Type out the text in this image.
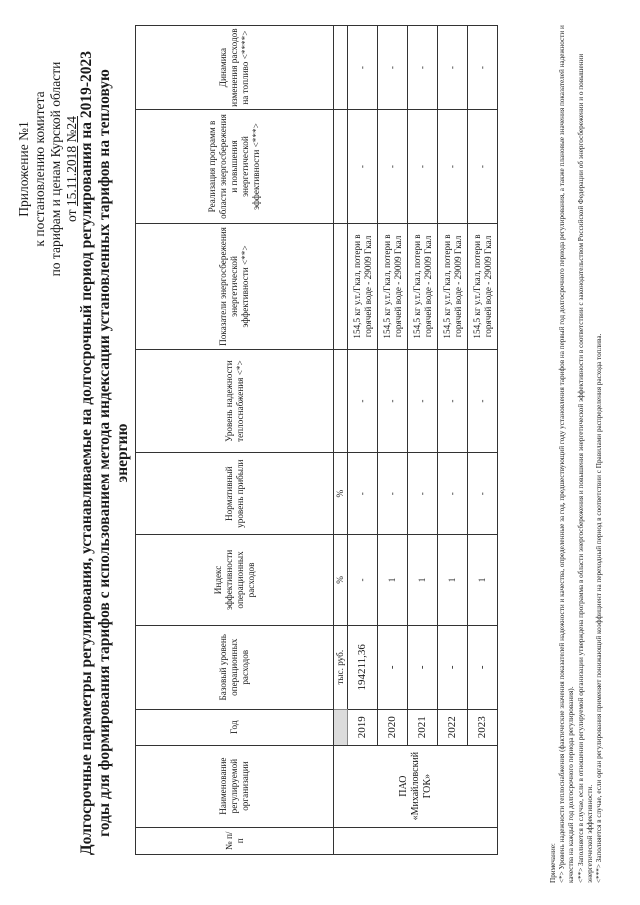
Приложение №1 к постановлению комитета по тарифам и ценам Курской области от 15.11.2018 №24 Долгосрочные параметры регулирования, устанавливаемые на долгосрочный период регулирования на 2019-2023 годы для формирования тарифов с использованием метода индексации установленных тарифов на тепловую энергию
№ п/п	Наименование регулируемой организации	Год	Базовый уровень операционных расходов	Индекс эффективности операционных расходов	Нормативный уровень прибыли	Уровень надежности теплоснабжения <*>	Показатели энергосбережения энергетической эффективности <**>	Реализация программ в области энергосбережения и повышения энергетической эффективности <***>	Динамика изменения расходов на топливо <****>
	ПАО «Михайловский ГОК»		тыс. руб.	%	%				
		2019	194211,36	-	-	-	154,5 кг у.т./Гкал, потери в горячей воде - 29009 Гкал	-	-
		2020	-	1	-	-	154,5 кг у.т./Гкал, потери в горячей воде - 29009 Гкал	-	-
		2021	-	1	-	-	154,5 кг у.т./Гкал, потери в горячей воде - 29009 Гкал	-	-
		2022	-	1	-	-	154,5 кг у.т./Гкал, потери в горячей воде - 29009 Гкал	-	-
		2023	-	1	-	-	154,5 кг у.т./Гкал, потери в горячей воде - 29009 Гкал	-	-

Примечание: <*> Уровень надежности теплоснабжения (фактические значения показателей надежности и качества, определенные за год, предшествующий году установления тарифов на первый год долгосрочного периода регулирования, а также плановые значения показателей надежности и качества на каждый год долгосрочного периода регулирования). <**> Заполняется в случае, если в отношении регулируемой организации утверждена программа в области энергосбережения и повышения энергетической эффективности в соответствии с законодательством Российской Федерации об энергосбережении и о повышении энергетической эффективности. <***> Заполняется в случае, если орган регулирования применяет понижающий коэффициент на переходный период в соответствии с Правилами распределения расхода топлива.
